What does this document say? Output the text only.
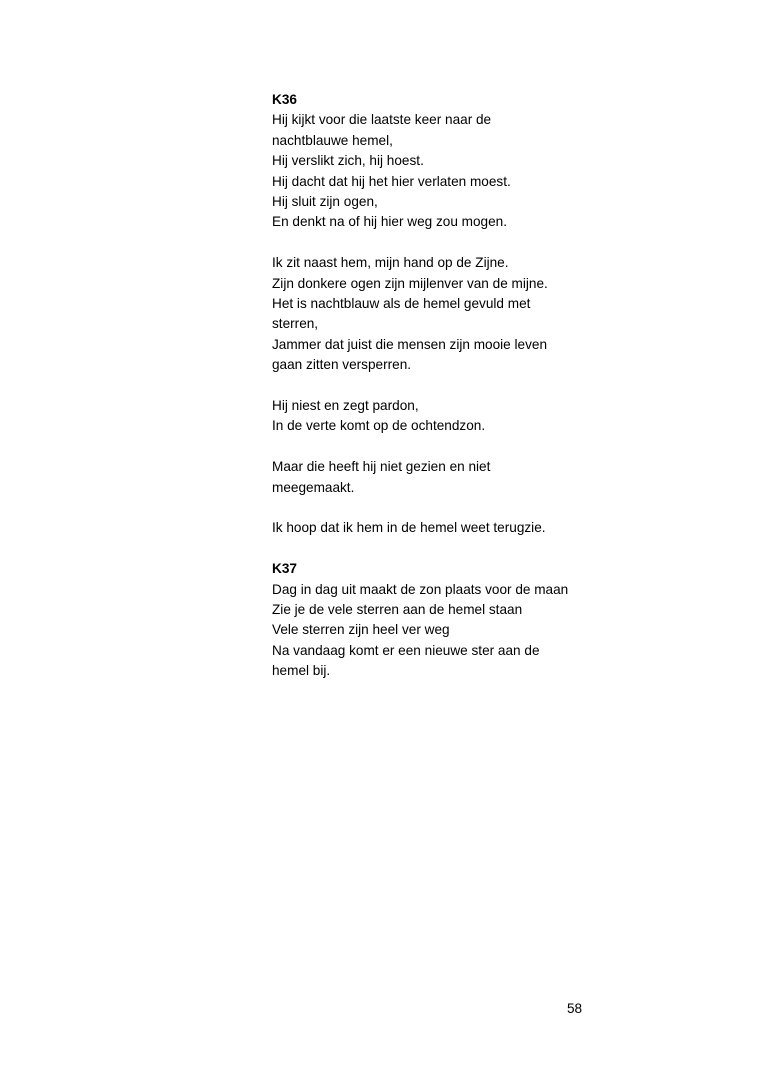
K36
Hij kijkt voor die laatste keer naar de
nachtblauwe hemel,
Hij verslikt zich, hij hoest.
Hij dacht dat hij het hier verlaten moest.
Hij sluit zijn ogen,
En denkt na of hij hier weg zou mogen.
Ik zit naast hem, mijn hand op de Zijne.
Zijn donkere ogen zijn mijlenver van de mijne.
Het is nachtblauw als de hemel gevuld met
sterren,
Jammer dat juist die mensen zijn mooie leven
gaan zitten versperren.
Hij niest en zegt pardon,
In de verte komt op de ochtendzon.
Maar die heeft hij niet gezien en niet
meegemaakt.
Ik hoop dat ik hem in de hemel weet terugzie.
K37
Dag in dag uit maakt de zon plaats voor de maan
Zie je de vele sterren aan de hemel staan
Vele sterren zijn heel ver weg
Na vandaag komt er een nieuwe ster aan de
hemel bij.
58
